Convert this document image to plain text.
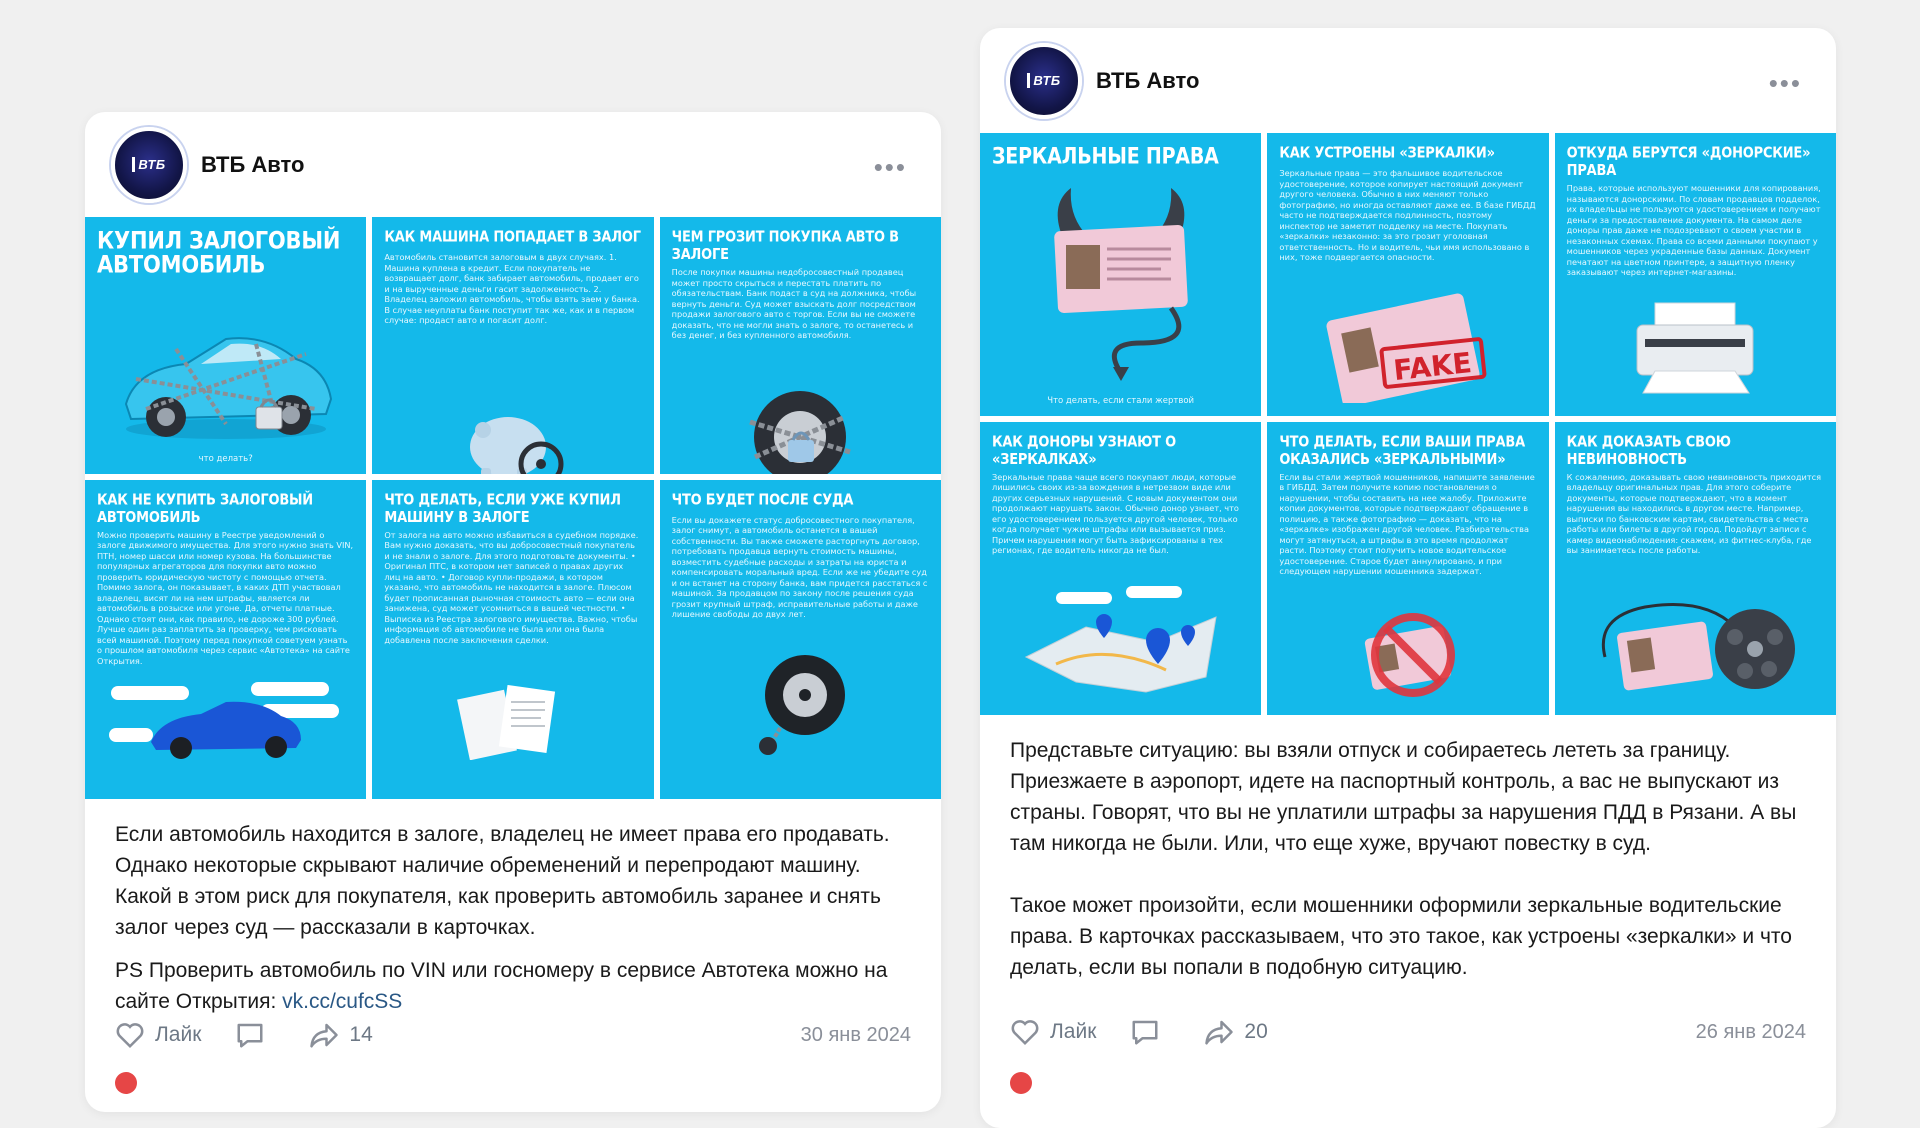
ВТБ ВТБ Авто	•••
КУПИЛ ЗАЛОГОВЫЙ АВТОМОБИЛЬ
что делать?
КАК МАШИНА ПОПАДАЕТ В ЗАЛОГ
Автомобиль становится залоговым в двух случаях. 1. Машина куплена в кредит. Если покупатель не возвращает долг, банк забирает автомобиль, продает его и на вырученные деньги гасит задолженность. 2. Владелец заложил автомобиль, чтобы взять заем у банка. В случае неуплаты банк поступит так же, как и в первом случае: продаст авто и погасит долг.
ЧЕМ ГРОЗИТ ПОКУПКА АВТО В ЗАЛОГЕ
После покупки машины недобросовестный продавец может просто скрыться и перестать платить по обязательствам. Банк подаст в суд на должника, чтобы вернуть деньги. Суд может взыскать долг посредством продажи залогового авто с торгов. Если вы не сможете доказать, что не могли знать о залоге, то останетесь и без денег, и без купленного автомобиля.
КАК НЕ КУПИТЬ ЗАЛОГОВЫЙ АВТОМОБИЛЬ
Можно проверить машину в Реестре уведомлений о залоге движимого имущества. Для этого нужно знать VIN, ПТН, номер шасси или номер кузова. На большинстве популярных агрегаторов для покупки авто можно проверить юридическую чистоту с помощью отчета. Помимо залога, он показывает, в каких ДТП участвовал владелец, висят ли на нем штрафы, является ли автомобиль в розыске или угоне. Да, отчеты платные. Однако стоят они, как правило, не дороже 300 рублей. Лучше один раз заплатить за проверку, чем рисковать всей машиной. Поэтому перед покупкой советуем узнать о прошлом автомобиля через сервис «Автотека» на сайте Открытия.
ЧТО ДЕЛАТЬ, ЕСЛИ УЖЕ КУПИЛ МАШИНУ В ЗАЛОГЕ
От залога на авто можно избавиться в судебном порядке. Вам нужно доказать, что вы добросовестный покупатель и не знали о залоге. Для этого подготовьте документы. • Оригинал ПТС, в котором нет записей о правах других лиц на авто. • Договор купли-продажи, в котором указано, что автомобиль не находится в залоге. Плюсом будет прописанная рыночная стоимость авто — если она занижена, суд может усомниться в вашей честности. • Выписка из Реестра залогового имущества. Важно, чтобы информация об автомобиле не была или она была добавлена после заключения сделки.
ЧТО БУДЕТ ПОСЛЕ СУДА
Если вы докажете статус добросовестного покупателя, залог снимут, а автомобиль останется в вашей собственности. Вы также сможете расторгнуть договор, потребовать продавца вернуть стоимость машины, возместить судебные расходы и затраты на юриста и компенсировать моральный вред. Если же не убедите суд и он встанет на сторону банка, вам придется расстаться с машиной. За продавцом по закону после решения суда грозит крупный штраф, исправительные работы и даже лишение свободы до двух лет.

Если автомобиль находится в залоге, владелец не имеет права его продавать. Однако некоторые скрывают наличие обременений и перепродают машину. Какой в этом риск для покупателя, как проверить автомобиль заранее и снять залог через суд — рассказали в карточках.

PS Проверить автомобиль по VIN или госномеру в сервисе Автотека можно на сайте Открытия: vk.cc/cufcSS

Лайк	14	30 янв 2024
ВТБ ВТБ Авто	•••
ЗЕРКАЛЬНЫЕ ПРАВА
Что делать, если стали жертвой
КАК УСТРОЕНЫ «ЗЕРКАЛКИ»
Зеркальные права — это фальшивое водительское удостоверение, которое копирует настоящий документ другого человека. Обычно в них меняют только фотографию, но иногда оставляют даже ее. В базе ГИБДД часто не подтверждается подлинность, поэтому инспектор не заметит подделку на месте. Покупать «зеркалки» незаконно: за это грозит уголовная ответственность. Но и водитель, чьи имя использовано в них, тоже подвергается опасности.
FAKE
ОТКУДА БЕРУТСЯ «ДОНОРСКИЕ» ПРАВА
Права, которые используют мошенники для копирования, называются донорскими. По словам продавцов подделок, их владельцы не пользуются удостоверением и получают деньги за предоставление документа. На самом деле доноры прав даже не подозревают о своем участии в незаконных схемах. Права со всеми данными покупают у мошенников через украденные базы данных. Документ печатают на цветном принтере, а защитную пленку заказывают через интернет-магазины.
КАК ДОНОРЫ УЗНАЮТ О «ЗЕРКАЛКАХ»
Зеркальные права чаще всего покупают люди, которые лишились своих из-за вождения в нетрезвом виде или других серьезных нарушений. С новым документом они продолжают нарушать закон. Обычно донор узнает, что его удостоверением пользуется другой человек, только когда получает чужие штрафы или вызывается приз. Причем нарушения могут быть зафиксированы в тех регионах, где водитель никогда не был.
ЧТО ДЕЛАТЬ, ЕСЛИ ВАШИ ПРАВА ОКАЗАЛИСЬ «ЗЕРКАЛЬНЫМИ»
Если вы стали жертвой мошенников, напишите заявление в ГИБДД. Затем получите копию постановления о нарушении, чтобы составить на нее жалобу. Приложите копии документов, которые подтверждают обращение в полицию, а также фотографию — доказать, что на «зеркалке» изображен другой человек. Разбирательства могут затянуться, а штрафы в это время продолжат расти. Поэтому стоит получить новое водительское удостоверение. Старое будет аннулировано, и при следующем нарушении мошенника задержат.
КАК ДОКАЗАТЬ СВОЮ НЕВИНОВНОСТЬ
К сожалению, доказывать свою невиновность приходится владельцу оригинальных прав. Для этого соберите документы, которые подтверждают, что в момент нарушения вы находились в другом месте. Например, выписки по банковским картам, свидетельства с места работы или билеты в другой город. Подойдут записи с камер видеонаблюдения: скажем, из фитнес-клуба, где вы занимаетесь после работы.

Представьте ситуацию: вы взяли отпуск и собираетесь лететь за границу. Приезжаете в аэропорт, идете на паспортный контроль, а вас не выпускают из страны. Говорят, что вы не уплатили штрафы за нарушения ПДД в Рязани. А вы там никогда не были. Или, что еще хуже, вручают повестку в суд.

Такое может произойти, если мошенники оформили зеркальные водительские права. В карточках рассказываем, что это такое, как устроены «зеркалки» и что делать, если вы попали в подобную ситуацию.

Лайк	20	26 янв 2024
